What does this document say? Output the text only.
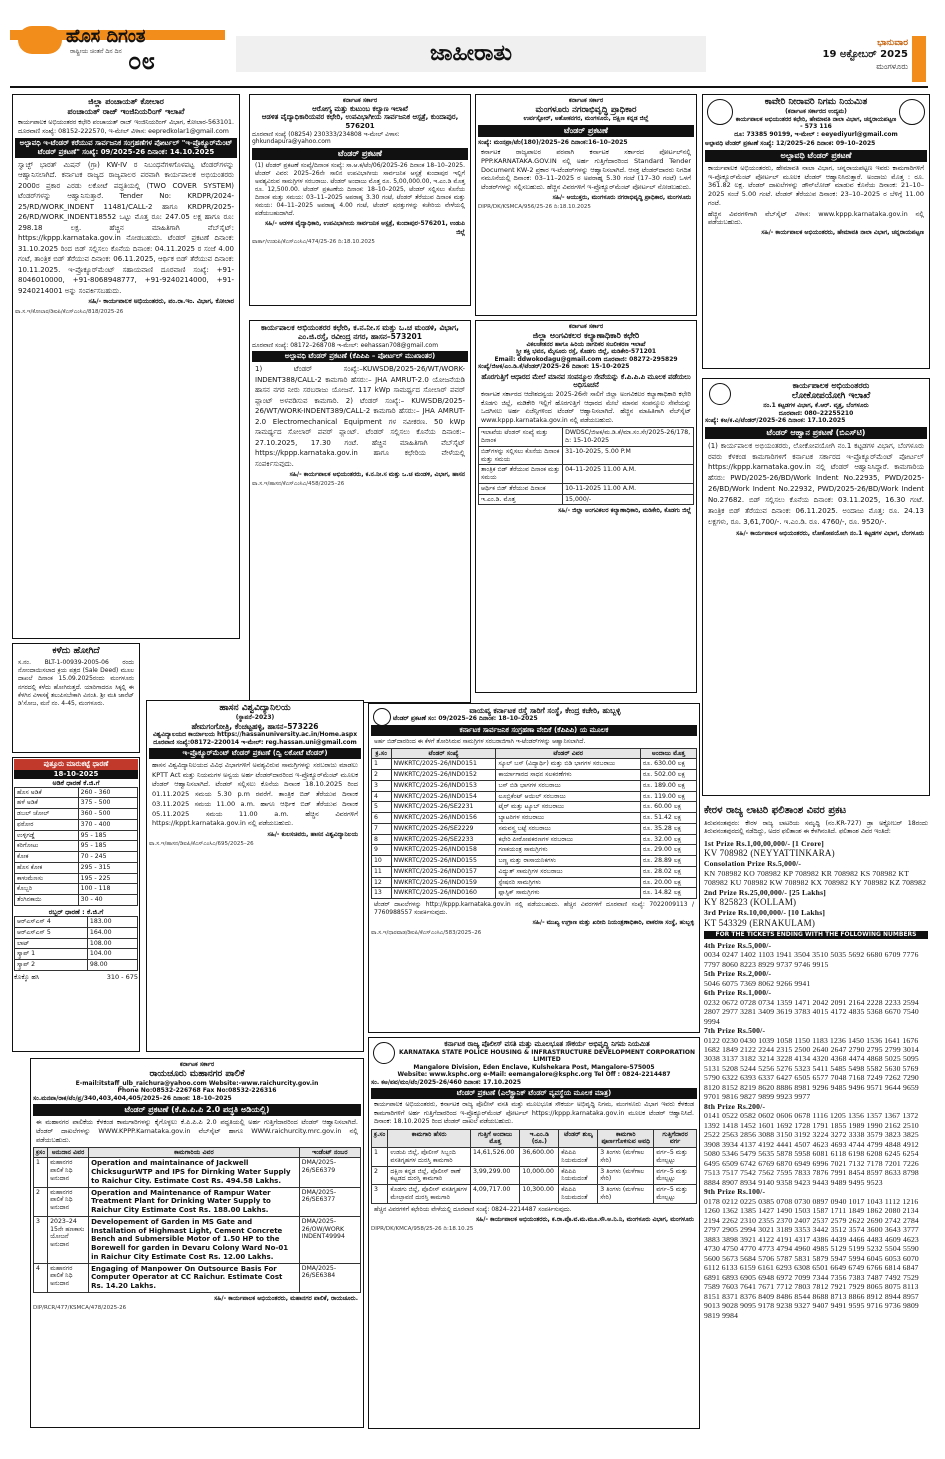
ಹೊಸ ದಿಗಂತ
ರಾಷ್ಟ್ರೀಯ ಚಿಂತನೆ ದಿನ ದಿನ ೦೮	ಜಾಹೀರಾತು	ಭಾನುವಾರ
19 ಅಕ್ಟೋಬರ್ 2025
ಮಂಗಳೂರು
ಜಿಲ್ಲಾ ಪಂಚಾಯತ್ ಕೋಲಾರ
ಪಂಚಾಯತ್ ರಾಜ್ ಇಂಜಿನಿಯರಿಂಗ್ ಇಲಾಖೆ
ಕಾರ್ಯಪಾಲಕ ಅಭಿಯಂತರರ ಕಛೇರಿ ಪಂಚಾಯತ್ ರಾಜ್ ಇಂಜಿನಿಯರಿಂಗ್ ವಿಭಾಗ, ಕೋಲಾರ-563101. ದೂರವಾಣಿ ಸಂಖ್ಯೆ: 08152-222570, ಇ-ಮೇಲ್ ವಿಳಾಸ: eepredkolar1@gmail.com
ಅಲ್ಪಾವಧಿ ಇ-ಟೆಂಡರ್ ಕರೆಯುವ ಸಾರ್ವಜನಿಕ ಸಂಗ್ರಹಣೆಗಳ ಪೋರ್ಟಲ್ "ಇ-ಪ್ರೊಕ್ಯೂರ್‌ಮೆಂಟ್ ಟೆಂಡರ್ ಪ್ರಕಟಣೆ" ಸಂಖ್ಯೆ: 09/2025-26 ದಿನಾಂಕ: 14.10.2025
ಸ್ವಾಚ್ಛ್ ಭಾರತ್ ಮಿಷನ್ (ಗ್ರಾ) KW-IV ರ ನಿಬಂಧನೆಗಳಿಗೊಳಪಟ್ಟ ಟೆಂಡರ್‌ಗಳನ್ನು ಆಹ್ವಾನಿಸಲಾಗಿದೆ. ಕರ್ನಾಟಕ ರಾಜ್ಯದ ರಾಜ್ಯಪಾಲರ ಪರವಾಗಿ ಕಾರ್ಯಪಾಲಕ ಅಭಿಯಂತರರು 2000ರ ಪ್ರಕಾರ ಎರಡು ಲಕೋಟೆ ಪದ್ಧತಿಯಲ್ಲಿ (TWO COVER SYSTEM) ಟೆಂಡರ್‌ಗಳನ್ನು ಆಹ್ವಾನಿಸುತ್ತಾರೆ. Tender No: KRDPR/2024-25/RD/WORK_INDENT 11481/CALL-2 ಹಾಗೂ KRDPR/2025-26/RD/WORK_INDENT18552 ಒಟ್ಟು ಮೊತ್ತ ರೂ: 247.05 ಲಕ್ಷ ಹಾಗೂ ರೂ: 298.18 ಲಕ್ಷ. ಹೆಚ್ಚಿನ ಮಾಹಿತಿಗಾಗಿ ವೆಬ್‌ಸೈಟ್: https://kppp.karnataka.gov.in ನೋಡಬಹುದು. ಟೆಂಡರ್ ಪ್ರಕಟಣೆ ದಿನಾಂಕ: 31.10.2025 ರಿಂದ ಬಿಡ್ ಸಲ್ಲಿಸಲು ಕೊನೆಯ ದಿನಾಂಕ: 04.11.2025 ರ ಸಂಜೆ 4.00 ಗಂಟೆ, ತಾಂತ್ರಿಕ ಬಿಡ್ ತೆರೆಯುವ ದಿನಾಂಕ: 06.11.2025, ಆರ್ಥಿಕ ಬಿಡ್ ತೆರೆಯುವ ದಿನಾಂಕ: 10.11.2025. ಇ-ಪ್ರೊಕ್ಯೂರ್‌ಮೆಂಟ್ ಸಹಾಯವಾಣಿ ದೂರವಾಣಿ ಸಂಖ್ಯೆ: +91-8046010000, +91-8068948777, +91-9240214000, +91-9240214001 ಅನ್ನು ಸಂಪರ್ಕಿಸಬಹುದು.
ಸಹಿ/- ಕಾರ್ಯಪಾಲಕ ಅಭಿಯಂತರರು, ಪಂ.ರಾ.ಇಂ. ವಿಭಾಗ, ಕೋಲಾರ
ವಾ.ಸ.ಇ/ಕೋಲಾರ/ಡಿಐಪಿ/ಕೆಎಸ್‌ಎಂಸಿಎ/818/2025-26
ಕಳೆದು ಹೋಗಿದೆ
ಸ.ನಂ. BLT-1-00939-2005-06 ರಂದು ನೋಂದಾಯಿಸಲಾದ ಕ್ರಯ ಪತ್ರದ (Sale Deed) ಮೂಲ ದಾಖಲೆ ದಿನಾಂಕ 15.09.2025ರಂದು ಮಂಗಳೂರು ನಗರದಲ್ಲಿ ಕಳೆದು ಹೋಗಿರುತ್ತದೆ. ಯಾರಿಗಾದರೂ ಸಿಕ್ಕಲ್ಲಿ ಈ ಕೆಳಗಿನ ವಿಳಾಸಕ್ಕೆ ತಲುಪಿಸಬೇಕಾಗಿ ವಿನಂತಿ. ಶ್ರೀ ಮತಿ ಜಾನೆಟ್ ಡಿ'ಸೋಜ, ಮನೆ ನಂ. 4-45, ಮಂಗಳೂರು.
ಪುತ್ತೂರು ಮಾರುಕಟ್ಟೆ ಧಾರಣೆ
18-10-2025
ಅಡಿಕೆ ಧಾರಣೆ ಕೆ.ಜಿ.ಗೆ
ಹೊಸ ಅಡಿಕೆ	260 - 360
ಹಳೆ ಅಡಿಕೆ	375 - 500
ಡಬಲ್ ಚೋಲ್	360 - 500
ಫಠೋರ	370 - 400
ಉಳ್ಳಿಗಡ್ಡೆ	95 - 185
ಕರಿಗೋಟು	95 - 185
ಕೋಕ	70 - 245
ಹೊಸ ಕೋಕ	295 - 315
ಕಾಳುಮೆಣಸು	195 - 225
ಕೊಬ್ಬರಿ	100 - 118
ತೆಂಗಿನಕಾಯಿ	30 - 40
ರಬ್ಬರ್ ಧಾರಣೆ : ಕೆ.ಜಿ.ಗೆ
ಆರ್‌ಎಸ್‌ಎಸ್ 4	183.00
ಆರ್‌ಎಸ್‌ಎಸ್ 5	164.00
ಲಾಟ್	108.00
ಸ್ಕ್ರಾಪ್ 1	104.00
ಸ್ಕ್ರಾಪ್ 2	98.00
ಕೊಕ್ಕೊ ಹಸಿ	310 - 675
ಕರ್ನಾಟಕ ಸರ್ಕಾರ
ಆರೋಗ್ಯ ಮತ್ತು ಕುಟುಂಬ ಕಲ್ಯಾಣ ಇಲಾಖೆ
ಆಡಳಿತ ವೈದ್ಯಾಧಿಕಾರಿಯವರ ಕಛೇರಿ, ಉಪವಿಭಾಗೀಯ ಸಾರ್ವಜನಿಕ ಆಸ್ಪತ್ರೆ, ಕುಂದಾಪುರ, 576201
ದೂರವಾಣಿ ಸಂಖ್ಯೆ (08254) 230333/234808 ಇ-ಮೇಲ್ ವಿಳಾಸ: ghkundapura@yahoo.com
ಟೆಂಡರ್ ಪ್ರಕಟಣೆ
(1) ಟೆಂಡರ್ ಪ್ರಕಟಣೆ ಸಂಖ್ಯೆ/ದಿನಾಂಕ ಸಂಖ್ಯೆ: ಸಾ.ಆ.ಕ/ಟೆಂ/06/2025-26 ದಿನಾಂಕ 18–10–2025. ಟೆಂಡರ್ ವಿವರ: 2025–26ನೇ ಸಾಲಿನ ಉಪವಿಭಾಗೀಯ ಸಾರ್ವಜನಿಕ ಆಸ್ಪತ್ರೆ ಕುಂದಾಪುರ ಇಲ್ಲಿಗೆ ಅವಶ್ಯವಿರುವ ಸಾಮಗ್ರಿಗಳ ಸರಬರಾಜು. ಟೆಂಡರ್ ಅಂದಾಜು ಮೊತ್ತ ರೂ. 5,00,000.00, ಇ.ಎಂ.ಡಿ ಮೊತ್ತ ರೂ. 12,500.00. ಟೆಂಡರ್ ಪ್ರಕಟಣೆಯ ದಿನಾಂಕ: 18–10–2025, ಟೆಂಡರ್ ಸಲ್ಲಿಸಲು ಕೊನೆಯ ದಿನಾಂಕ ಮತ್ತು ಸಮಯ: 03–11–2025 ಅಪರಾಹ್ನ 3.30 ಗಂಟೆ, ಟೆಂಡರ್ ತೆರೆಯುವ ದಿನಾಂಕ ಮತ್ತು ಸಮಯ: 04–11–2025 ಅಪರಾಹ್ನ 4.00 ಗಂಟೆ, ಟೆಂಡರ್ ಷರತ್ತುಗಳನ್ನು ಕಚೇರಿಯ ವೇಳೆಯಲ್ಲಿ ಪಡೆಯಬಹುದಾಗಿದೆ.
ಸಹಿ/- ಆಡಳಿತ ವೈದ್ಯಾಧಿಕಾರಿ, ಉಪವಿಭಾಗೀಯ ಸಾರ್ವಜನಿಕ ಆಸ್ಪತ್ರೆ, ಕುಂದಾಪುರ-576201, ಉಡುಪಿ ಜಿಲ್ಲೆ
ವಾರ್ತಾ/ಉಡುಪಿ/ಕೆಎಸ್‌ಎಂಸಿಎ/474/25-26 ದಿ:18.10.2025
ಕರ್ನಾಟಕ ಸರ್ಕಾರ
ಮಂಗಳೂರು ನಗರಾಭಿವೃದ್ಧಿ ಪ್ರಾಧಿಕಾರ
ಉರ್ವಸ್ಟೋರ್, ಅಶೋಕನಗರ, ಮಂಗಳೂರು, ದಕ್ಷಿಣ ಕನ್ನಡ ಜಿಲ್ಲೆ
ಟೆಂಡರ್ ಪ್ರಕಟಣೆ
ಸಂಖ್ಯೆ: ಮಂನಪ್ರಾ/ಟೆಂ(180)/2025–26 ದಿನಾಂಕ:16–10–2025
ಕರ್ನಾಟಕ ರಾಜ್ಯಪಾಲರ ಪರವಾಗಿ ಕರ್ನಾಟಕ ಸರ್ಕಾರದ ಪೋರ್ಟಲ್‌ನಲ್ಲಿ PPP.KARNATAKA.GOV.IN ನಲ್ಲಿ ಅರ್ಹ ಗುತ್ತಿಗೆದಾರರಿಂದ Standard Tender Document KW-2 ಪ್ರಕಾರ ಇ-ಟೆಂಡರ್‌ಗಳನ್ನು ಆಹ್ವಾನಿಸಲಾಗಿದೆ. ಆಸಕ್ತ ಟೆಂಡರ್‌ದಾರರು ನಿಗದಿತ ನಮೂನೆಯಲ್ಲಿ ದಿನಾಂಕ: 03–11–2025 ರ ಅಪರಾಹ್ನ 5.30 ಗಂಟೆ (17–30 ಗಂಟೆ) ಒಳಗೆ ಟೆಂಡರ್‌ಗಳನ್ನು ಸಲ್ಲಿಸಬಹುದು. ಹೆಚ್ಚಿನ ವಿವರಗಳಿಗೆ ಇ-ಪ್ರೊಕ್ಯೂರ್‌ಮೆಂಟ್ ಪೋರ್ಟಲ್ ನೋಡಬಹುದು.
ಸಹಿ/- ಆಯುಕ್ತರು, ಮಂಗಳೂರು ನಗರಾಭಿವೃದ್ಧಿ ಪ್ರಾಧಿಕಾರ, ಮಂಗಳೂರು
DIPR/DK/KSMCA/956/25-26 ದಿ:18.10.2025
ಕಾವೇರಿ ನೀರಾವರಿ ನಿಗಮ ನಿಯಮಿತ
(ಕರ್ನಾಟಕ ಸರ್ಕಾರದ ಉದ್ಯಮ)
ಕಾರ್ಯಪಾಲಕ ಅಭಿಯಂತರರ ಕಛೇರಿ, ಹೇಮಾವತಿ ನಾಲಾ ವಿಭಾಗ, ಚನ್ನರಾಯಪಟ್ಟಣ - 573 116
ದೂ: 73385 90199, ಇ-ಮೇಲ್ : eeyediyurl@gmail.com
ಅಲ್ಪಾವಧಿ ಟೆಂಡರ್ ಪ್ರಕಟಣೆ ಸಂಖ್ಯೆ: 12/2025–26 ದಿನಾಂಕ: 09–10–2025
ಅಲ್ಪಾವಧಿ ಟೆಂಡರ್ ಪ್ರಕಟಣೆ
ಕಾರ್ಯಪಾಲಕ ಅಭಿಯಂತರರು, ಹೇಮಾವತಿ ನಾಲಾ ವಿಭಾಗ, ಚನ್ನರಾಯಪಟ್ಟಣ ಇವರು ಕಾಮಗಾರಿಗಳಿಗೆ ಇ-ಪ್ರೊಕ್ಯೂರ್‌ಮೆಂಟ್ ಪೋರ್ಟಲ್ ಮೂಲಕ ಟೆಂಡರ್ ಆಹ್ವಾನಿಸಿರುತ್ತಾರೆ. ಅಂದಾಜು ಮೊತ್ತ : ರೂ. 361.82 ಲಕ್ಷ. ಟೆಂಡರ್ ದಾಖಲೆಗಳನ್ನು ಡೌನ್‌ಲೋಡ್ ಮಾಡುವ ಕೊನೆಯ ದಿನಾಂಕ: 21–10–2025 ಸಂಜೆ 5.00 ಗಂಟೆ. ಟೆಂಡರ್ ತೆರೆಯುವ ದಿನಾಂಕ: 23–10–2025 ರ ಬೆಳಿಗ್ಗೆ 11.00 ಗಂಟೆ.
ಹೆಚ್ಚಿನ ವಿವರಗಳಿಗಾಗಿ ವೆಬ್‌ಸೈಟ್ ವಿಳಾಸ: www.kppp.karnataka.gov.in ನಲ್ಲಿ ಪಡೆಯಬಹುದು.
ಸಹಿ/- ಕಾರ್ಯಪಾಲಕ ಅಭಿಯಂತರರು, ಹೇಮಾವತಿ ನಾಲಾ ವಿಭಾಗ, ಚನ್ನರಾಯಪಟ್ಟಣ
ಕಾರ್ಯಪಾಲಕ ಅಭಿಯಂತರರ ಕಛೇರಿ, ಕ.ನ.ನೀ.ಸ ಮತ್ತು ಒ.ಚ ಮಂಡಳಿ, ವಿಭಾಗ, ಎಂ.ಜಿ.ರಸ್ತೆ, ರವೀಂದ್ರ ನಗರ, ಹಾಸನ–573201
ದೂರವಾಣಿ ಸಂಖ್ಯೆ: 08172–268708 ಇ-ಮೇಲ್: eehassan708@gmail.com
ಅಲ್ಪಾವಧಿ ಟೆಂಡರ್ ಪ್ರಕಟಣೆ (ಕೆಪಿಪಿಪಿ – ಪೋರ್ಟಲ್ ಮುಖಾಂತರ)
1) ಟೆಂಡರ್ ಸಂಖ್ಯೆ:–KUWSDB/2025-26/WT/WORK-INDENT388/CALL-2 ಕಾಮಗಾರಿ ಹೆಸರು:– JHA AMRUT-2.0 ಯೋಜನೆಯಡಿ ಹಾಸನ ನಗರ ನೀರು ಸರಬರಾಜು ಯೋಜನೆ. 117 kWp ಸಾಮರ್ಥ್ಯದ ಸೋಲಾರ್ ಪವರ್ ಪ್ಲಾಂಟ್ ಅಳವಡಿಸುವ ಕಾಮಗಾರಿ. 2) ಟೆಂಡರ್ ಸಂಖ್ಯೆ:– KUWSDB/2025-26/WT/WORK-INDENT389/CALL-2 ಕಾಮಗಾರಿ ಹೆಸರು:– JHA AMRUT-2.0 Electromechanical Equipment ಗಳ ನವೀಕರಣ. 50 kWp ಸಾಮರ್ಥ್ಯದ ಸೋಲಾರ್ ಪವರ್ ಪ್ಲಾಂಟ್. ಟೆಂಡರ್ ಸಲ್ಲಿಸಲು ಕೊನೆಯ ದಿನಾಂಕ:–27.10.2025, 17.30 ಗಂಟೆ. ಹೆಚ್ಚಿನ ಮಾಹಿತಿಗಾಗಿ ವೆಬ್‌ಸೈಟ್ https://kppp.karnataka.gov.in ಹಾಗೂ ಕಛೇರಿಯ ವೇಳೆಯಲ್ಲಿ ಸಂಪರ್ಕಿಸುವುದು.
ಸಹಿ/- ಕಾರ್ಯಪಾಲಕ ಅಭಿಯಂತರರು, ಕ.ನ.ನೀ.ಸ ಮತ್ತು ಒ.ಚ ಮಂಡಳಿ, ವಿಭಾಗ, ಹಾಸನ
ವಾ.ಸ.ಇ/ಹಾಸನ/ಕೆಎಸ್‌ಎಂಸಿಎ/458/2025–26
ಕರ್ನಾಟಕ ಸರ್ಕಾರ
ಜಿಲ್ಲಾ ಅಂಗವಿಕಲರ ಕಲ್ಯಾಣಾಧಿಕಾರಿ ಕಛೇರಿ
ವಿಕಲಚೇತನರ ಹಾಗೂ ಹಿರಿಯ ನಾಗರಿಕರ ಸಬಲೀಕರಣ ಇಲಾಖೆ
ಸ್ತ್ರೀ ಶಕ್ತಿ ಭವನ, ಮೈಸೂರು ರಸ್ತೆ, ಕೊಡಗು ಜಿಲ್ಲೆ, ಮಡಿಕೇರಿ-571201
Email: ddwokodagu@gmail.com ದೂರವಾಣಿ: 08272-295829
ಸಂಖ್ಯೆ/ಜಿಅಕ/ಎಂ.ಡಿ.ಕೆ/ಟೆಂಡರ್/2025-26 ದಿನಾಂಕ: 15-10-2025
ಹೊರಗುತ್ತಿಗೆ ಆಧಾರದ ಮೇಲೆ ಮಾನವ ಸಂಪನ್ಮೂಲ ಸೇವೆಯನ್ನು ಕೆ.ಪಿ.ಪಿ.ಪಿ ಮೂಲಕ ಪಡೆಯಲು ಅಧಿಸೂಚನೆ
ಕರ್ನಾಟಕ ಸರ್ಕಾರದ ಆದೇಶದನ್ವಯ 2025-26ನೇ ಸಾಲಿಗೆ ಜಿಲ್ಲಾ ಅಂಗವಿಕಲರ ಕಲ್ಯಾಣಾಧಿಕಾರಿ ಕಛೇರಿ ಕೊಡಗು ಜಿಲ್ಲೆ, ಮಡಿಕೇರಿ ಇಲ್ಲಿಗೆ ಹೊರಗುತ್ತಿಗೆ ಆಧಾರದ ಮೇಲೆ ಮಾನವ ಸಂಪನ್ಮೂಲ ಸೇವೆಯನ್ನು ಒದಗಿಸಲು ಅರ್ಹ ಏಜೆನ್ಸಿಗಳಿಂದ ಟೆಂಡರ್ ಆಹ್ವಾನಿಸಲಾಗಿದೆ. ಹೆಚ್ಚಿನ ಮಾಹಿತಿಗಾಗಿ ವೆಬ್‌ಸೈಟ್ www.kppp.karnataka.gov.in ನಲ್ಲಿ ಪಡೆಯಬಹುದು.
ಇಲಾಖೆಯ ಟೆಂಡರ್ ಸಂಖ್ಯೆ ಮತ್ತು ದಿನಾಂಕ	DWDSC/ಜಿಅಕ/ಮ.ಡಿ.ಕೆ/ಮಾ.ಸಂ.ಸೇ/2025-26/178, ದಿ: 15-10-2025
ಬಿಡ್‌ಗಳನ್ನು ಸಲ್ಲಿಸಲು ಕೊನೆಯ ದಿನಾಂಕ ಮತ್ತು ಸಮಯ	31-10-2025, 5.00 P.M
ತಾಂತ್ರಿಕ ಬಿಡ್ ತೆರೆಯುವ ದಿನಾಂಕ ಮತ್ತು ಸಮಯ	04-11-2025 11.00 A.M.
ಆರ್ಥಿಕ ಬಿಡ್ ತೆರೆಯುವ ದಿನಾಂಕ	10-11-2025 11.00 A.M.
ಇ.ಎಂ.ಡಿ. ಮೊತ್ತ	15,000/-
ಸಹಿ/- ಜಿಲ್ಲಾ ಅಂಗವಿಕಲರ ಕಲ್ಯಾಣಾಧಿಕಾರಿ, ಮಡಿಕೇರಿ, ಕೊಡಗು ಜಿಲ್ಲೆ
ಕಾರ್ಯಪಾಲಕ ಅಭಿಯಂತರರು
ಲೋಕೋಪಯೋಗಿ ಇಲಾಖೆ
ನಂ.1 ಕಟ್ಟಡಗಳ ವಿಭಾಗ, ಕೆ.ಆರ್. ವೃತ್ತ, ಬೆಂಗಳೂರು
ದೂರವಾಣಿ: 080–22255210
ಸಂಖ್ಯೆ: ಕಅ/ಕ.ವಿ/ಟೆಂಡರ್/2025-26 ದಿನಾಂಕ: 17.10.2025
ಟೆಂಡರ್ ಆಹ್ವಾನ ಪ್ರಕಟಣೆ (ಬಿಎಸ್‌ಟಿ)
(1) ಕಾರ್ಯಪಾಲಕ ಅಭಿಯಂತರರು, ಲೋಕೋಪಯೋಗಿ ನಂ.1 ಕಟ್ಟಡಗಳ ವಿಭಾಗ, ಬೆಂಗಳೂರು ರವರು ಕೆಳಕಂಡ ಕಾಮಗಾರಿಗಳಿಗೆ ಕರ್ನಾಟಕ ಸರ್ಕಾರದ ಇ-ಪ್ರೊಕ್ಯೂರ್‌ಮೆಂಟ್ ಪೋರ್ಟಲ್ https://kppp.karnataka.gov.in ನಲ್ಲಿ ಟೆಂಡರ್ ಆಹ್ವಾನಿಸಿದ್ದಾರೆ. ಕಾಮಗಾರಿಯ ಹೆಸರು: PWD/2025-26/BD/Work Indent No.22935, PWD/2025-26/BD/Work Indent No.22932, PWD/2025-26/BD/Work Indent No.27682. ಬಿಡ್ ಸಲ್ಲಿಸಲು ಕೊನೆಯ ದಿನಾಂಕ: 03.11.2025, 16.30 ಗಂಟೆ. ತಾಂತ್ರಿಕ ಬಿಡ್ ತೆರೆಯುವ ದಿನಾಂಕ: 06.11.2025. ಅಂದಾಜು ಮೊತ್ತ: ರೂ. 24.13 ಲಕ್ಷಗಳು, ರೂ. 3,61,700/-. ಇ.ಎಂ.ಡಿ. ರೂ. 4760/-, ರೂ. 9520/-.
ಸಹಿ/- ಕಾರ್ಯಪಾಲಕ ಅಭಿಯಂತರರು, ಲೋಕೋಪಯೋಗಿ ನಂ.1 ಕಟ್ಟಡಗಳ ವಿಭಾಗ, ಬೆಂಗಳೂರು
ಹಾಸನ ವಿಶ್ವವಿದ್ಯಾನಿಲಯ
(ಸ್ಥಾಪನೆ–2023)
ಹೇಮಗಂಗೋತ್ರಿ, ಕೆಂಚಟ್ಟಹಳ್ಳಿ, ಹಾಸನ–573226
ವಿಶ್ವವಿದ್ಯಾಲಯದ ಕಾರ್ಯಾಲಯ https://hassanuniversity.ac.in/Home.aspx
ದೂರವಾಣಿ ಸಂಖ್ಯೆ:08172–220014 ಇ-ಮೇಲ್: reg.hassan.uni@gmail.com
ಇ-ಪ್ರೊಕ್ಯೂರ್‌ಮೆಂಟ್ ಟೆಂಡರ್ ಪ್ರಕಟಣೆ (ದ್ವಿ ಲಕೋಟೆ ಟೆಂಡರ್)
ಹಾಸನ ವಿಶ್ವವಿದ್ಯಾನಿಲಯದ ವಿವಿಧ ವಿಭಾಗಗಳಿಗೆ ಅವಶ್ಯವಿರುವ ಸಾಮಗ್ರಿಗಳನ್ನು ಸರಬರಾಜು ಮಾಡಲು KPTT Act ಮತ್ತು ನಿಯಮಗಳ ಅನ್ವಯ ಅರ್ಹ ಟೆಂಡರ್‌ದಾರರಿಂದ ಇ-ಪ್ರೊಕ್ಯೂರ್‌ಮೆಂಟ್ ಮೂಲಕ ಟೆಂಡರ್ ಆಹ್ವಾನಿಸಲಾಗಿದೆ. ಟೆಂಡರ್ ಸಲ್ಲಿಸಲು ಕೊನೆಯ ದಿನಾಂಕ 18.10.2025 ರಿಂದ 01.11.2025 ಸಮಯ 5.30 p.m ರವರೆಗೆ. ತಾಂತ್ರಿಕ ಬಿಡ್ ತೆರೆಯುವ ದಿನಾಂಕ 03.11.2025 ಸಮಯ 11.00 a.m. ಹಾಗೂ ಆರ್ಥಿಕ ಬಿಡ್ ತೆರೆಯುವ ದಿನಾಂಕ 05.11.2025 ಸಮಯ 11.00 a.m. ಹೆಚ್ಚಿನ ವಿವರಗಳಿಗೆ https://kppt.karnataka.gov.in ನಲ್ಲಿ ಪಡೆಯಬಹುದು.
ಸಹಿ/- ಕುಲಸಚಿವರು, ಹಾಸನ ವಿಶ್ವವಿದ್ಯಾನಿಲಯ
ವಾ.ಸ.ಇ/ಹಾಸನ/ಡಿಐಪಿ/ಕೆಎಸ್‌ಎಂಸಿಎ/695/2025–26
ಕರ್ನಾಟಕ ಸರ್ಕಾರ
ರಾಯಚೂರು ಮಹಾನಗರ ಪಾಲಿಕೆ
E-mail:itstaff_ulb_raichura@yahoo.com Website:-www.raichurcity.gov.in
Phone No:08532-226768 Fax No:08532-226316
ಸಂ.ಮನಪಾ/ರಾಕ/ಟೆಂ/ಪ್ರ/340,403,404,405/2025–26 ದಿನಾಂಕ: 18–10–2025
ಟೆಂಡರ್ ಪ್ರಕಟಣೆ (ಕೆ.ಪಿ.ಪಿ.ಪಿ 2.0 ಪದ್ಧತಿ ಅಡಿಯಲ್ಲಿ)
ಈ ಮಹಾನಗರ ಪಾಲಿಕೆಯ ಕೆಳಕಂಡ ಕಾಮಗಾರಿಗಳನ್ನು ಕೈಗೊಳ್ಳಲು ಕೆ.ಪಿ.ಪಿ.ಪಿ 2.0 ಪದ್ಧತಿಯಲ್ಲಿ ಅರ್ಹ ಗುತ್ತಿಗೆದಾರರಿಂದ ಟೆಂಡರ್ ಆಹ್ವಾನಿಸಲಾಗಿದೆ. ಟೆಂಡರ್ ದಾಖಲೆಗಳನ್ನು WWW.KPPP.Karnataka.gov.in ವೆಬ್‌ಸೈಟ್ ಹಾಗೂ WWW.raichurcity.mrc.gov.in ನಲ್ಲಿ ಪಡೆಯಬಹುದು.
ಕ್ರಸಂ	ಅನುದಾನ ವಿವರ	ಕಾಮಗಾರಿಯ ವಿವರ	ಇಂಡೆಂಟ್ ನಂಬರ
1	ಮಹಾನಗರ ಪಾಲಿಕೆ ನಿಧಿ ಅನುದಾನ	Operation and maintainance of Jackwell ChicksugurWTP and IPS for Dirnking Water Supply to Raichur City. Estimate Cost Rs. 494.58 Lakhs.	DMA/2025-26/SE6379
2	ಮಹಾನಗರ ಪಾಲಿಕೆ ನಿಧಿ ಅನುದಾನ	Operation and Maintenance of Rampur Water Treatment Plant for Drinking Water Supply to Raichur City Estimate Cost Rs. 188.00 Lakhs.	DMA/2025-26/SE6377
3	2023–24 15ನೇ ಹಣಕಾಸು ಯೋಜನೆ ಅನುದಾನ	Developement of Garden in MS Gate and Installation of Highmast Light, Cement Concrete Bench and Submersible Motor of 1.50 HP to the Borewell for garden in Devaru Colony Ward No-01 in Raichur City Estimate Cost Rs. 12.00 Lakhs.	DMA/2025-26/OW/WORK INDENT49994
4	ಮಹಾನಗರ ಪಾಲಿಕೆ ನಿಧಿ ಅನುದಾನ	Engaging of Manpower On Outsource Basis For Computer Operator at CC Raichur. Estimate Cost Rs. 14.20 Lakhs.	DMA/2025-26/SE6384
ಸಹಿ/- ಕಾರ್ಯಪಾಲಕ ಅಭಿಯಂತರರು, ಮಹಾನಗರ ಪಾಲಿಕೆ, ರಾಯಚೂರು.
DIP/RCR/477/KSMCA/478/2025-26
ವಾಯವ್ಯ ಕರ್ನಾಟಕ ರಸ್ತೆ ಸಾರಿಗೆ ಸಂಸ್ಥೆ, ಕೇಂದ್ರ ಕಚೇರಿ, ಹುಬ್ಬಳ್ಳಿ
ಟೆಂಡರ್ ಪ್ರಕಟಣೆ ಸಂ: 09/2025–26 ದಿನಾಂಕ: 18–10–2025
ಕರ್ನಾಟಕ ಸಾರ್ವಜನಿಕ ಸಂಗ್ರಹಣಾ ವೇದಿಕೆ (ಕೆಪಿಪಿಪಿ) ಯ ಮೂಲಕ
ಅರ್ಹ ಬಿಡ್‌ದಾರರಿಂದ ಈ ಕೆಳಗೆ ತೋರಿಸಿರುವ ಸಾಮಗ್ರಿಗಳ ಸರಬರಾಜಿಗಾಗಿ ಇ-ಟೆಂಡರ್‌ಗಳನ್ನು ಆಹ್ವಾನಿಸಲಾಗಿದೆ.
ಕ್ರ.ಸಂ	ಟೆಂಡರ್ ಸಂಖ್ಯೆ	ಟೆಂಡರ್ ವಿವರ	ಅಂದಾಜು ಮೊತ್ತ
1	NWKRTC/2025-26/IND0151	ಸ್ಕೂಲ್ ಬಸ್ (ವಿದ್ಯಾರ್ಥಿ) ಮತ್ತು ಬಿಡಿ ಭಾಗಗಳ ಸರಬರಾಜು	ರೂ. 630.00 ಲಕ್ಷ
2	NWKRTC/2025-26/IND0152	ಕಾರ್ಯಾಗಾರದ ಸಾಧನ ಸಲಕರಣೆಗಳು	ರೂ. 502.00 ಲಕ್ಷ
3	NWKRTC/2025-26/IND0153	ಬಸ್ ಬಿಡಿ ಭಾಗಗಳ ಸರಬರಾಜು	ರೂ. 189.00 ಲಕ್ಷ
4	NWKRTC/2025-26/IND0154	ಲೂಬ್ರಿಕೆಂಟ್ ಆಯಿಲ್ ಸರಬರಾಜು	ರೂ. 119.00 ಲಕ್ಷ
5	NWKRTC/2025-26/SE2231	ಟೈರ್ ಮತ್ತು ಟ್ಯೂಬ್ ಸರಬರಾಜು	ರೂ. 60.00 ಲಕ್ಷ
6	NWKRTC/2025-26/IND0156	ಬ್ಯಾಟರಿಗಳ ಸರಬರಾಜು	ರೂ. 51.42 ಲಕ್ಷ
7	NWKRTC/2025-26/SE2229	ಸಮವಸ್ತ್ರ ಬಟ್ಟೆ ಸರಬರಾಜು	ರೂ. 35.28 ಲಕ್ಷ
8	NWKRTC/2025-26/SE2233	ಕಛೇರಿ ಪೀಠೋಪಕರಣಗಳ ಸರಬರಾಜು	ರೂ. 32.00 ಲಕ್ಷ
9	NWKRTC/2025-26/IND0158	ಗಣಕಯಂತ್ರ ಸಾಮಗ್ರಿಗಳು	ರೂ. 29.00 ಲಕ್ಷ
10	NWKRTC/2025-26/IND0155	ಬಣ್ಣ ಮತ್ತು ರಾಸಾಯನಿಕಗಳು	ರೂ. 28.89 ಲಕ್ಷ
11	NWKRTC/2025-26/IND0157	ವಿದ್ಯುತ್ ಸಾಮಗ್ರಿಗಳ ಸರಬರಾಜು	ರೂ. 28.02 ಲಕ್ಷ
12	NWKRTC/2025-26/IND0159	ಸ್ಟೇಷನರಿ ಸಾಮಗ್ರಿಗಳು	ರೂ. 20.00 ಲಕ್ಷ
13	NWKRTC/2025-26/IND0160	ಪ್ಲಾಸ್ಟಿಕ್ ಸಾಮಗ್ರಿಗಳು	ರೂ. 14.82 ಲಕ್ಷ
ಟೆಂಡರ್ ದಾಖಲೆಗಳನ್ನು http://kppp.karnataka.gov.in ನಲ್ಲಿ ಪಡೆಯಬಹುದು. ಹೆಚ್ಚಿನ ವಿವರಗಳಿಗೆ ದೂರವಾಣಿ ಸಂಖ್ಯೆ: 7022009113 / 7760988557 ಸಂಪರ್ಕಿಸುವುದು.
ಸಹಿ/- ಮುಖ್ಯ ಉಗ್ರಾಣ ಮತ್ತು ಖರೀದಿ ನಿಯಂತ್ರಣಾಧಿಕಾರಿ, ವಾಕರಸಾ ಸಂಸ್ಥೆ, ಹುಬ್ಬಳ್ಳಿ
ವಾ.ಸ.ಇ/ಧಾರವಾಡ/ಡಿಐಪಿ/ಕೆಎಸ್‌ಎಂಸಿಎ/583/2025–26
ಕರ್ನಾಟಕ ರಾಜ್ಯ ಪೊಲೀಸ್ ವಸತಿ ಮತ್ತು ಮೂಲಭೂತ ಸೌಕರ್ಯ ಅಭಿವೃದ್ಧಿ ನಿಗಮ ನಿಯಮಿತ
KARNATAKA STATE POLICE HOUSING & INFRASTRUCTURE DEVELOPMENT CORPORATION LIMITED
Mangalore Division, Eden Enclave, Kulshekara Post, Mangalore-575005
Website: www.ksphc.org e-Mail: eemangalore@ksphc.org Tel Off : 0824-2214487
ಸಂ. ಕಅ/ಪವ/ಮಂ/ಟೆಂ/2025-26/460 ದಿನಾಂಕ: 17.10.2025
ಟೆಂಡರ್ ಪ್ರಕಟಣೆ (ಎಲೆಕ್ಟ್ರಾನಿಕ್ ಟೆಂಡರ್ ವ್ಯವಸ್ಥೆಯ ಮೂಲಕ ಮಾತ್ರ)
ಕಾರ್ಯಪಾಲಕ ಅಭಿಯಂತರರು, ಕರ್ನಾಟಕ ರಾಜ್ಯ ಪೊಲೀಸ್ ವಸತಿ ಮತ್ತು ಮೂಲಭೂತ ಸೌಕರ್ಯ ಅಭಿವೃದ್ಧಿ ನಿಗಮ, ಮಂಗಳೂರು ವಿಭಾಗ ಇವರು ಕೆಳಕಂಡ ಕಾಮಗಾರಿಗಳಿಗೆ ಅರ್ಹ ಗುತ್ತಿಗೆದಾರರಿಂದ ಇ-ಪ್ರೊಕ್ಯೂರ್‌ಮೆಂಟ್ ಪೋರ್ಟಲ್ https://kppp.karnataka.gov.in ಮೂಲಕ ಟೆಂಡರ್ ಆಹ್ವಾನಿಸಿದೆ. ದಿನಾಂಕ: 18.10.2025 ರಿಂದ ಟೆಂಡರ್ ದಾಖಲೆ ಪಡೆಯಬಹುದು.
ಕ್ರ.ಸಂ	ಕಾಮಗಾರಿ ಹೆಸರು	ಗುತ್ತಿಗೆ ಅಂದಾಜು ಮೊತ್ತ	ಇ.ಎಂ.ಡಿ (ರೂ.)	ಟೆಂಡರ್ ಶುಲ್ಕ	ಕಾಮಗಾರಿ ಪೂರ್ಣಗೊಳಿಸುವ ಅವಧಿ	ಗುತ್ತಿಗೆದಾರರ ವರ್ಗ
1	ಉಡುಪಿ ಜಿಲ್ಲೆ, ಪೊಲೀಸ್ ಸಿಬ್ಬಂದಿ ವಸತಿಗೃಹಗಳ ದುರಸ್ತಿ ಕಾಮಗಾರಿ	14,61,526.00	36,600.00	ಕೆಪಿಪಿಪಿ ನಿಯಮದಂತೆ	3 ತಿಂಗಳು (ಮಳೆಗಾಲ ಸೇರಿ)	ವರ್ಗ–5 ಮತ್ತು ಮೇಲ್ಪಟ್ಟು
2	ದಕ್ಷಿಣ ಕನ್ನಡ ಜಿಲ್ಲೆ, ಪೊಲೀಸ್ ಠಾಣೆ ಕಟ್ಟಡದ ದುರಸ್ತಿ ಕಾಮಗಾರಿ	3,99,299.00	10,000.00	ಕೆಪಿಪಿಪಿ ನಿಯಮದಂತೆ	3 ತಿಂಗಳು (ಮಳೆಗಾಲ ಸೇರಿ)	ವರ್ಗ–5 ಮತ್ತು ಮೇಲ್ಪಟ್ಟು
3	ಕೊಡಗು ಜಿಲ್ಲೆ, ಪೊಲೀಸ್ ವಸತಿಗೃಹಗಳ ಮೇಲ್ಛಾವಣಿ ದುರಸ್ತಿ ಕಾಮಗಾರಿ	4,09,717.00	10,300.00	ಕೆಪಿಪಿಪಿ ನಿಯಮದಂತೆ	3 ತಿಂಗಳು (ಮಳೆಗಾಲ ಸೇರಿ)	ವರ್ಗ–5 ಮತ್ತು ಮೇಲ್ಪಟ್ಟು
ಹೆಚ್ಚಿನ ವಿವರಗಳಿಗೆ ಕಛೇರಿಯ ವೇಳೆಯಲ್ಲಿ ದೂರವಾಣಿ ಸಂಖ್ಯೆ: 0824–2214487 ಸಂಪರ್ಕಿಸುವುದು.
ಸಹಿ/- ಕಾರ್ಯಪಾಲಕ ಅಭಿಯಂತರರು, ಕ.ರಾ.ಪೊ.ವ.ಮ.ಮೂ.ಸೌ.ಅ.ನಿ.ನಿ, ಮಂಗಳೂರು ವಿಭಾಗ, ಮಂಗಳೂರು
DIPR/DK/KMCA/958/25-26 ದಿ:18.10.25
ಕೇರಳ ರಾಜ್ಯ ಲಾಟರಿ ಫಲಿತಾಂಶ ವಿವರ ಪ್ರಕಟ
ತಿರುವನಂತಪುರಂ: ಕೇರಳ ರಾಜ್ಯ ಲಾಟರಿಯ ಸಮೃದ್ಧಿ (ನಂ.KR-727) ಡ್ರಾ ಅಕ್ಟೋಬರ್ 18ರಂದು ತಿರುವನಂತಪುರದಲ್ಲಿ ನಡೆದಿದ್ದು, ಅದರ ಫಲಿತಾಂಶ ಈ ಕೆಳಗಿನಂತಿದೆ. ಫಲಿತಾಂಶ ವಿವರ ಇಂತಿದೆ:
1st Prize Rs.1,00,00,000/- [1 Crore]
KV 708982 (NEYYATTINKARA)
Consolation Prize Rs.5,000/-
KN 708982 KO 708982 KP 708982 KR 708982 KS 708982 KT 708982 KU 708982 KW 708982 KX 708982 KY 708982 KZ 708982
2nd Prize Rs.25,00,000/- [25 Lakhs]
KY 825823 (KOLLAM)
3rd Prize Rs.10,00,000/- [10 Lakhs]
KT 543329 (ERNAKULAM)
FOR THE TICKETS ENDING WITH THE FOLLOWING NUMBERS
4th Prize Rs.5,000/-
0034 0247 1402 1103 1941 3504 3510 5035 5692 6680 6709 7776 7797 8060 8223 8929 9737 9746 9915
5th Prize Rs.2,000/-
5046 6075 7369 8062 9266 9941
6th Prize Rs.1,000/-
0232 0672 0728 0734 1359 1471 2042 2091 2164 2228 2233 2594 2807 2977 3281 3409 3619 3783 4015 4172 4835 5368 6670 7540 9994
7th Prize Rs.500/-
0122 0230 0430 1039 1058 1150 1183 1236 1450 1536 1641 1676 1682 1849 2122 2244 2315 2500 2640 2647 2790 2795 2799 3014 3038 3137 3182 3214 3228 4134 4320 4368 4474 4868 5025 5095 5131 5208 5244 5256 5276 5323 5411 5485 5498 5582 5630 5769 5790 6322 6393 6337 6427 6505 6577 7048 7168 7249 7262 7290 8120 8152 8219 8620 8886 8981 9296 9485 9496 9571 9644 9659 9701 9816 9827 9899 9923 9977
8th Prize Rs.200/-
0141 0522 0582 0602 0606 0678 1116 1205 1356 1357 1367 1372 1392 1418 1452 1601 1692 1728 1791 1855 1989 1990 2162 2510 2522 2563 2856 3088 3150 3192 3224 3272 3338 3579 3823 3825 3908 3934 4137 4192 4441 4507 4623 4693 4744 4799 4848 4912 5080 5346 5479 5635 5878 5958 6081 6118 6198 6208 6245 6254 6495 6509 6742 6769 6870 6949 6996 7021 7132 7178 7201 7226 7513 7517 7542 7562 7595 7833 7876 7991 8454 8597 8633 8798 8884 8907 8934 9140 9358 9423 9443 9489 9495 9523
9th Prize Rs.100/-
0178 0212 0225 0385 0708 0730 0897 0940 1017 1043 1112 1216 1260 1362 1385 1427 1490 1503 1587 1711 1849 1862 2080 2134 2194 2262 2310 2355 2370 2407 2537 2579 2622 2690 2742 2784 2797 2905 2994 3021 3189 3353 3442 3512 3574 3600 3643 3777 3883 3898 3921 4122 4191 4317 4386 4439 4466 4483 4609 4623 4730 4750 4770 4773 4794 4960 4985 5129 5199 5232 5504 5590 5600 5673 5684 5706 5787 5831 5879 5947 5994 6045 6053 6070 6112 6133 6159 6161 6293 6308 6501 6649 6749 6766 6814 6847 6891 6893 6905 6948 6972 7099 7344 7356 7383 7487 7492 7529 7589 7603 7641 7671 7712 7803 7812 7921 7929 8065 8075 8113 8151 8371 8376 8409 8486 8544 8688 8713 8866 8912 8944 8957 9013 9028 9095 9178 9238 9327 9407 9491 9595 9716 9736 9809 9819 9984
